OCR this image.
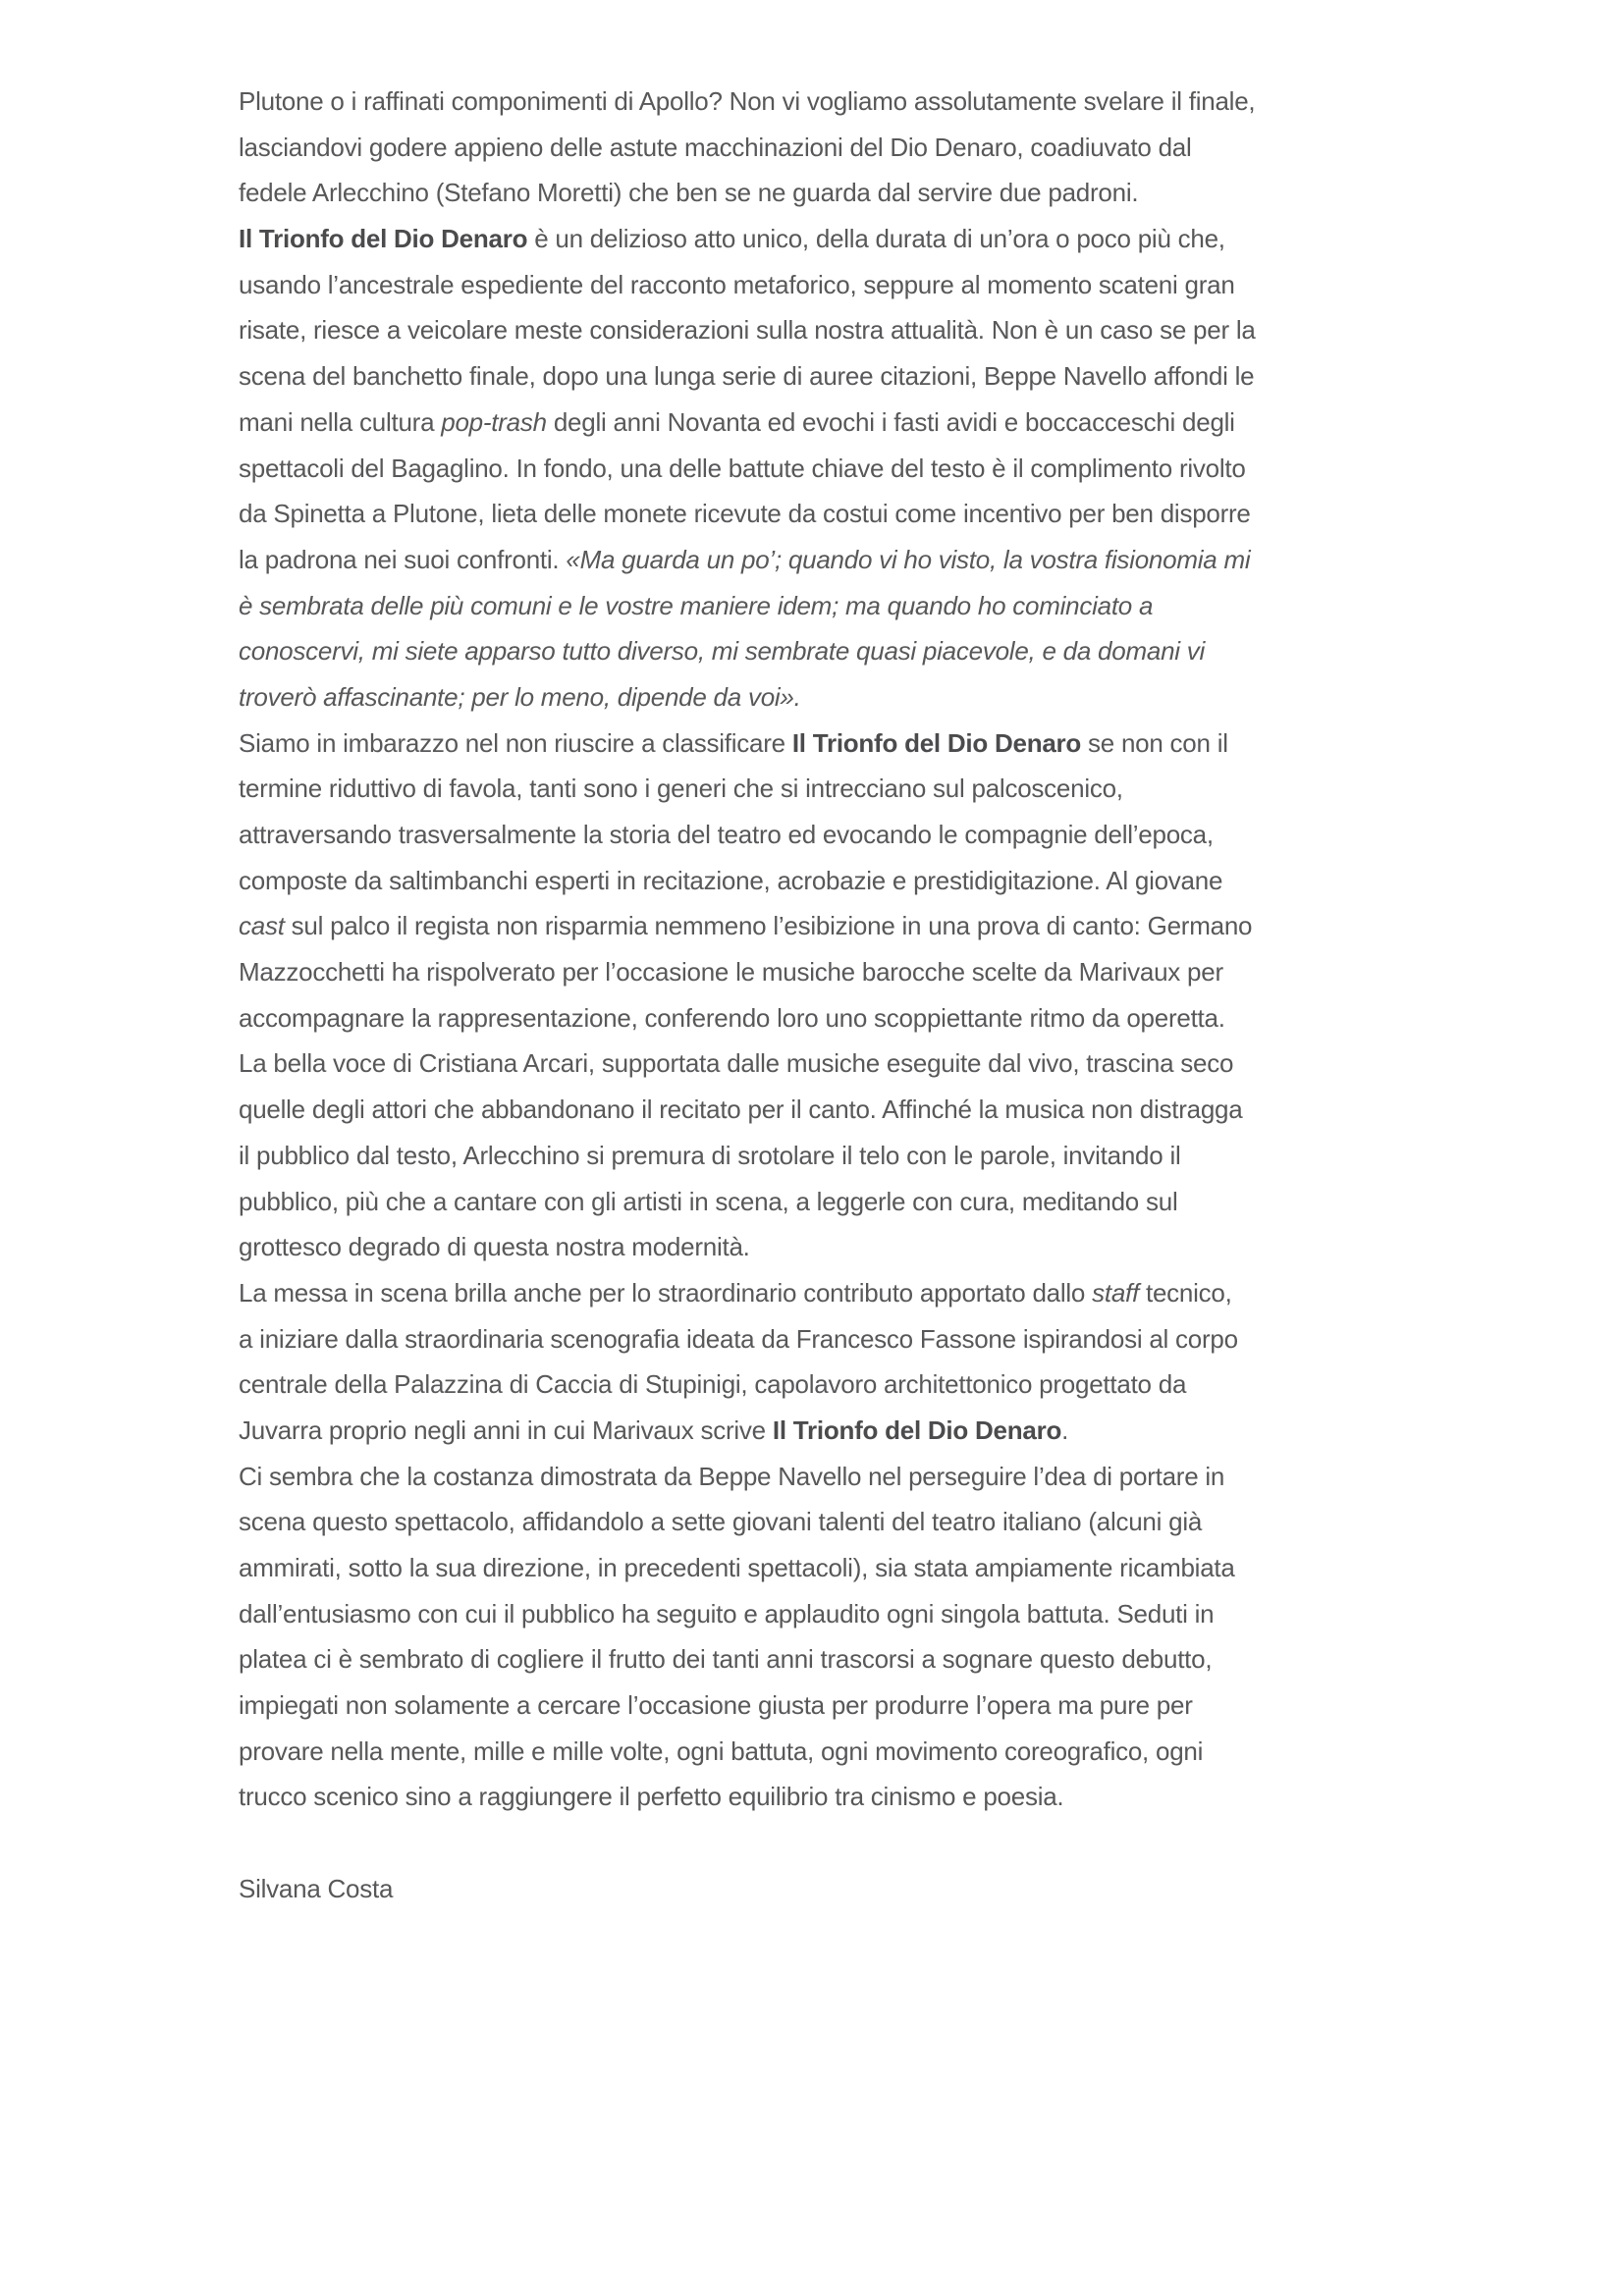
Plutone o i raffinati componimenti di Apollo? Non vi vogliamo assolutamente svelare il finale,
lasciandovi godere appieno delle astute macchinazioni del Dio Denaro, coadiuvato dal
fedele Arlecchino (Stefano Moretti) che ben se ne guarda dal servire due padroni.
Il Trionfo del Dio Denaro è un delizioso atto unico, della durata di un’ora o poco più che,
usando l’ancestrale espediente del racconto metaforico, seppure al momento scateni gran
risate, riesce a veicolare meste considerazioni sulla nostra attualità. Non è un caso se per la
scena del banchetto finale, dopo una lunga serie di auree citazioni, Beppe Navello affondi le
mani nella cultura pop-trash degli anni Novanta ed evochi i fasti avidi e boccacceschi degli
spettacoli del Bagaglino. In fondo, una delle battute chiave del testo è il complimento rivolto
da Spinetta a Plutone, lieta delle monete ricevute da costui come incentivo per ben disporre
la padrona nei suoi confronti. «Ma guarda un po’; quando vi ho visto, la vostra fisionomia mi
è sembrata delle più comuni e le vostre maniere idem; ma quando ho cominciato a
conoscervi, mi siete apparso tutto diverso, mi sembrate quasi piacevole, e da domani vi
troverò affascinante; per lo meno, dipende da voi».
Siamo in imbarazzo nel non riuscire a classificare Il Trionfo del Dio Denaro se non con il
termine riduttivo di favola, tanti sono i generi che si intrecciano sul palcoscenico,
attraversando trasversalmente la storia del teatro ed evocando le compagnie dell’epoca,
composte da saltimbanchi esperti in recitazione, acrobazie e prestidigitazione. Al giovane
cast sul palco il regista non risparmia nemmeno l’esibizione in una prova di canto: Germano
Mazzocchetti ha rispolverato per l’occasione le musiche barocche scelte da Marivaux per
accompagnare la rappresentazione, conferendo loro uno scoppiettante ritmo da operetta.
La bella voce di Cristiana Arcari, supportata dalle musiche eseguite dal vivo, trascina seco
quelle degli attori che abbandonano il recitato per il canto. Affinché la musica non distragga
il pubblico dal testo, Arlecchino si premura di srotolare il telo con le parole, invitando il
pubblico, più che a cantare con gli artisti in scena, a leggerle con cura, meditando sul
grottesco degrado di questa nostra modernità.
La messa in scena brilla anche per lo straordinario contributo apportato dallo staff tecnico,
a iniziare dalla straordinaria scenografia ideata da Francesco Fassone ispirandosi al corpo
centrale della Palazzina di Caccia di Stupinigi, capolavoro architettonico progettato da
Juvarra proprio negli anni in cui Marivaux scrive Il Trionfo del Dio Denaro.
Ci sembra che la costanza dimostrata da Beppe Navello nel perseguire l’dea di portare in
scena questo spettacolo, affidandolo a sette giovani talenti del teatro italiano (alcuni già
ammirati, sotto la sua direzione, in precedenti spettacoli), sia stata ampiamente ricambiata
dall’entusiasmo con cui il pubblico ha seguito e applaudito ogni singola battuta. Seduti in
platea ci è sembrato di cogliere il frutto dei tanti anni trascorsi a sognare questo debutto,
impiegati non solamente a cercare l’occasione giusta per produrre l’opera ma pure per
provare nella mente, mille e mille volte, ogni battuta, ogni movimento coreografico, ogni
trucco scenico sino a raggiungere il perfetto equilibrio tra cinismo e poesia.
Silvana Costa
